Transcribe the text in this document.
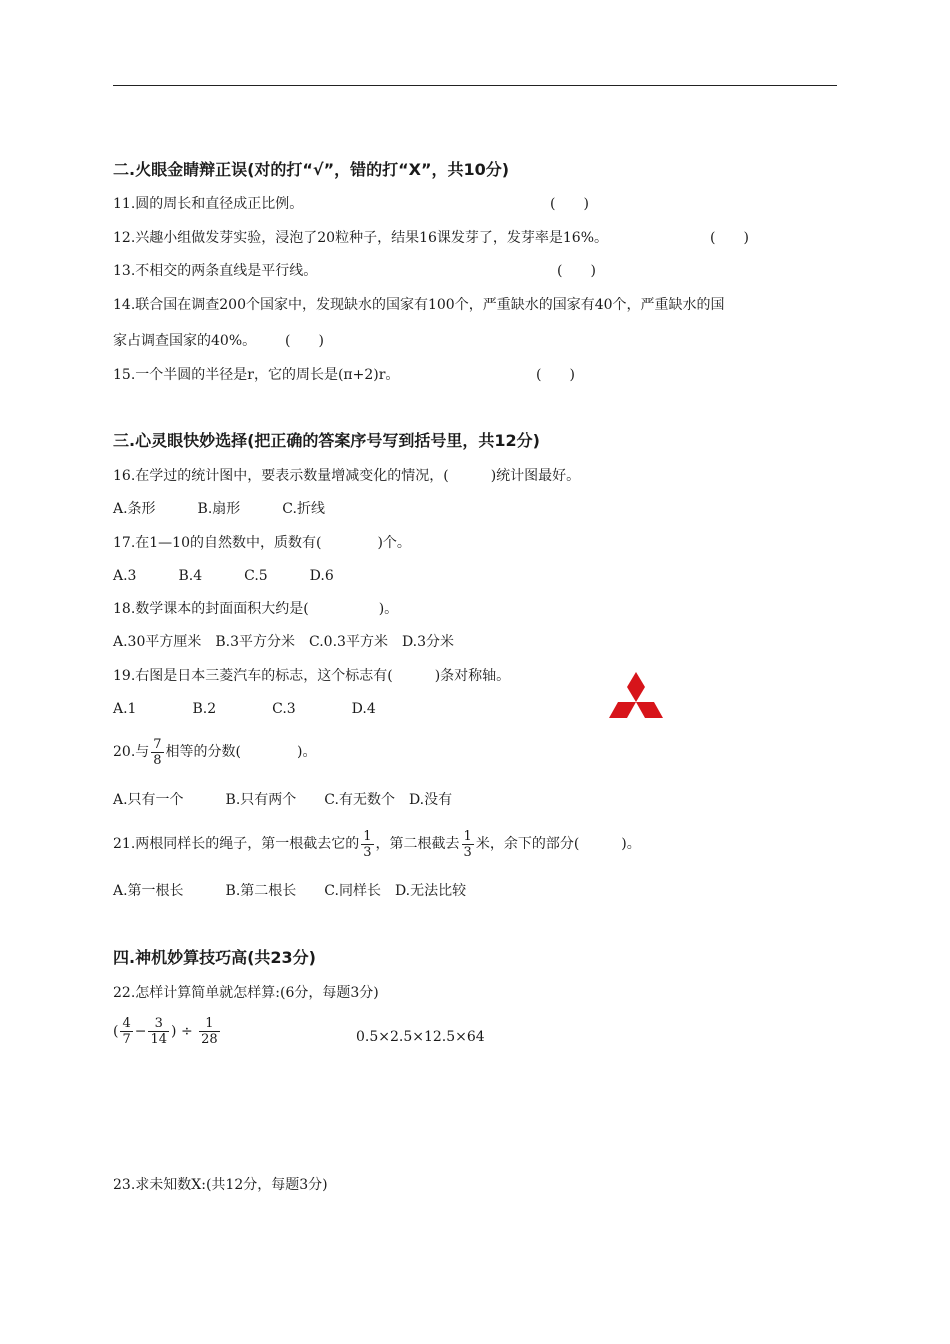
二.火眼金睛辩正误(对的打“√”，错的打“X”，共10分)
11.圆的周长和直径成正比例。	(　　)
12.兴趣小组做发芽实验，浸泡了20粒种子，结果16课发芽了，发芽率是16%。	(　　)
13.不相交的两条直线是平行线。	(　　)
14.联合国在调查200个国家中，发现缺水的国家有100个，严重缺水的国家有40个，严重缺水的国
家占调查国家的40%。 (　　)
15.一个半圆的半径是r，它的周长是(π+2)r。	(　　)
三.心灵眼快妙选择(把正确的答案序号写到括号里，共12分)
16.在学过的统计图中，要表示数量增减变化的情况，(　　　)统计图最好。
A.条形　　　B.扇形　　　C.折线
17.在1—10的自然数中，质数有(　　　　)个。
A.3　　　B.4　　　C.5　　　D.6
18.数学课本的封面面积大约是(　　　　　)。
A.30平方厘米　B.3平方分米　C.0.3平方米　D.3分米
19.右图是日本三菱汽车的标志，这个标志有(　　　)条对称轴。
A.1　　　　B.2　　　　C.3　　　　D.4
20.与 $\frac{7}{8}$ 相等的分数(　　　　)。
A.只有一个　　　B.只有两个　　C.有无数个　D.没有
21.两根同样长的绳子，第一根截去它的 $\frac{1}{3}$ ，第二根截去 $\frac{1}{3}$ 米，余下的部分(　　　)。
A.第一根长　　　B.第二根长　　C.同样长　D.无法比较
四.神机妙算技巧高(共23分)
22.怎样计算简单就怎样算:(6分，每题3分)
( $\frac{4}{7} - \frac{3}{14}$ ) ÷ $\frac{1}{28}$	0.5×2.5×12.5×64
23.求未知数X:(共12分，每题3分)
